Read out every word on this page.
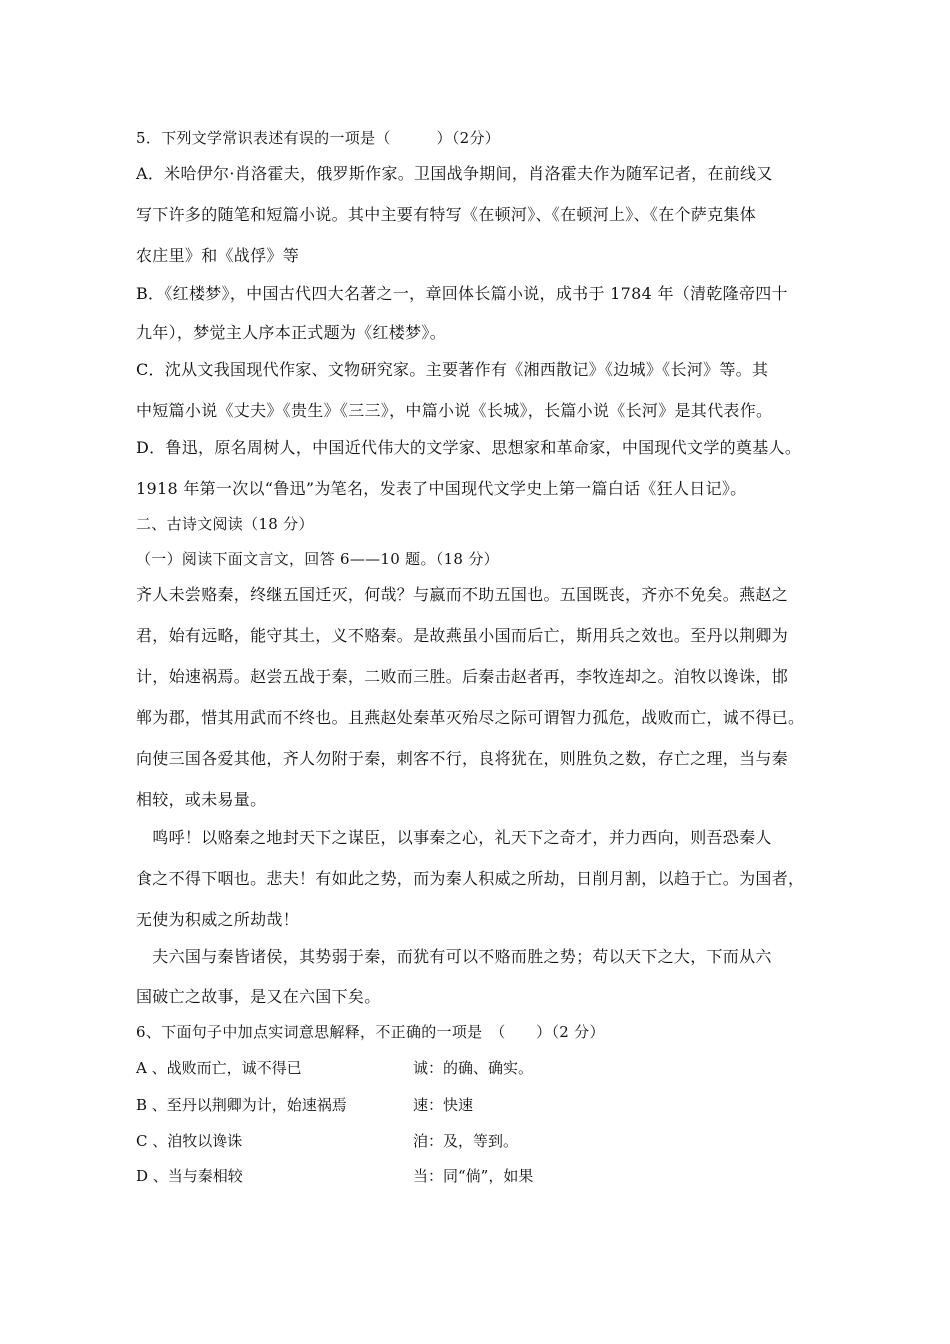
5．下列文学常识表述有误的一项是（　　　）（2分）
A．米哈伊尔·肖洛霍夫，俄罗斯作家。卫国战争期间，肖洛霍夫作为随军记者，在前线又
写下许多的随笔和短篇小说。其中主要有特写《在顿河》、《在顿河上》、《在个萨克集体
农庄里》和《战俘》等
B．《红楼梦》，中国古代四大名著之一，章回体长篇小说，成书于 1784 年（清乾隆帝四十
九年），梦觉主人序本正式题为《红楼梦》。
C．沈从文我国现代作家、文物研究家。主要著作有《湘西散记》《边城》《长河》等。其
中短篇小说《丈夫》《贵生》《三三》，中篇小说《长城》，长篇小说《长河》是其代表作。
D．鲁迅，原名周树人，中国近代伟大的文学家、思想家和革命家，中国现代文学的奠基人。
1918 年第一次以“鲁迅”为笔名，发表了中国现代文学史上第一篇白话《狂人日记》。
二、古诗文阅读（18 分）
（一）阅读下面文言文，回答 6——10 题。（18 分）
齐人未尝赂秦，终继五国迁灭，何哉？与嬴而不助五国也。五国既丧，齐亦不免矣。燕赵之
君，始有远略，能守其土，义不赂秦。是故燕虽小国而后亡，斯用兵之效也。至丹以荆卿为
计，始速祸焉。赵尝五战于秦，二败而三胜。后秦击赵者再，李牧连却之。洎牧以谗诛，邯
郸为郡，惜其用武而不终也。且燕赵处秦革灭殆尽之际可谓智力孤危，战败而亡，诚不得已。
向使三国各爱其他，齐人勿附于秦，刺客不行，良将犹在，则胜负之数，存亡之理，当与秦
相较，或未易量。
　鸣呼！以赂秦之地封天下之谋臣，以事秦之心，礼天下之奇才，并力西向，则吾恐秦人
食之不得下咽也。悲夫！有如此之势，而为秦人积威之所劫，日削月割，以趋于亡。为国者，
无使为积威之所劫哉！
　夫六国与秦皆诸侯，其势弱于秦，而犹有可以不赂而胜之势；苟以天下之大，下而从六
国破亡之故事，是又在六国下矣。
6、下面句子中加点实词意思解释，不正确的一项是　（　　）（2 分）
A 、战败而亡，诚不得已	诚：的确、确实。
B 、至丹以荆卿为计，始速祸焉	速：快速
C 、洎牧以谗诛	洎：及，等到。
D 、当与秦相较	当：同“倘”，如果
